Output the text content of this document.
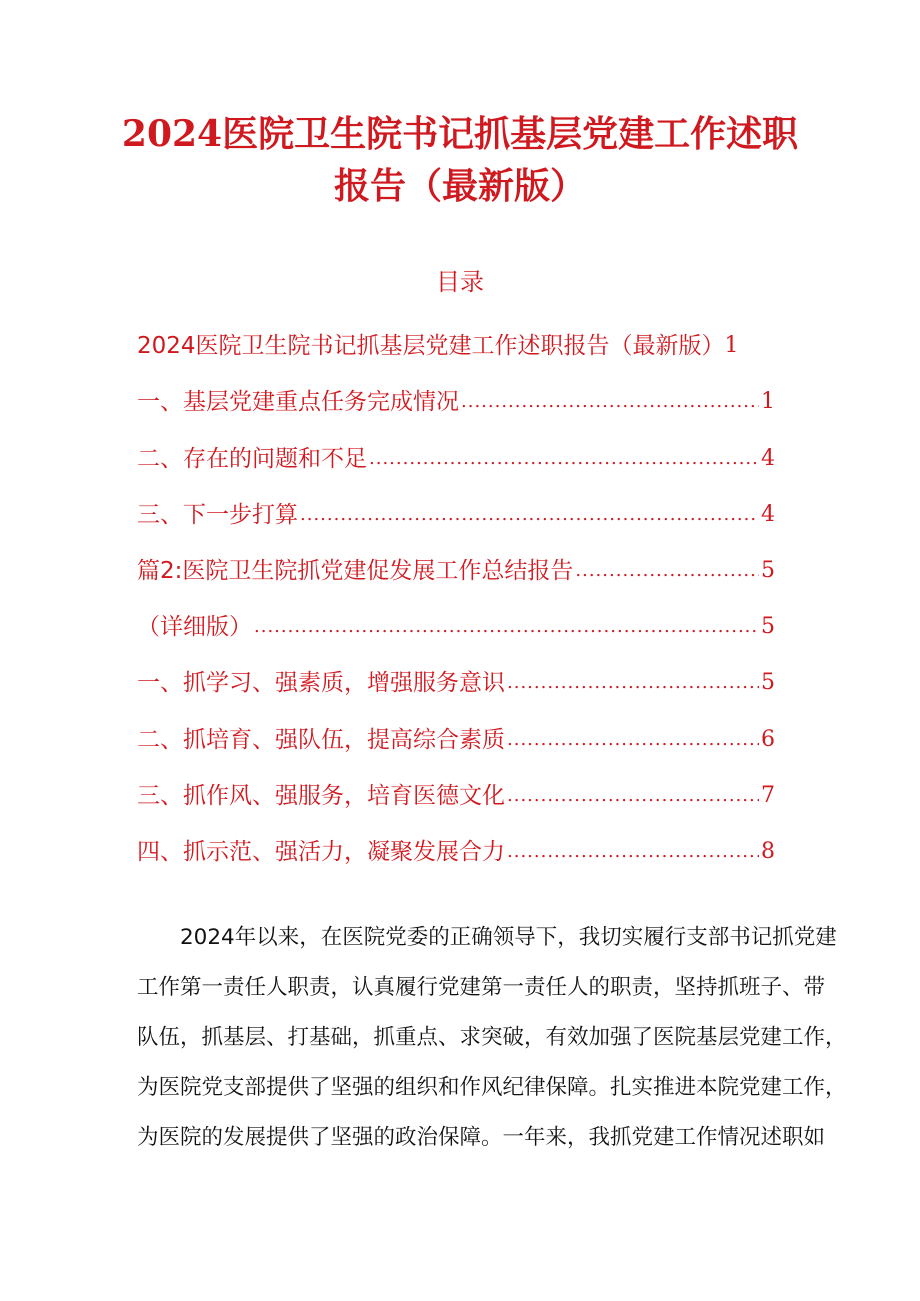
2024医院卫生院书记抓基层党建工作述职
报告（最新版）
目录
2024医院卫生院书记抓基层党建工作述职报告（最新版） 1
一、基层党建重点任务完成情况 .....	1
二、存在的问题和不足 .....	4
三、下一步打算 .....	4
篇2:医院卫生院抓党建促发展工作总结报告 .....	5
（详细版） .....	5
一、抓学习、强素质，增强服务意识 .....	5
二、抓培育、强队伍，提高综合素质 .....	6
三、抓作风、强服务，培育医德文化 .....	7
四、抓示范、强活力，凝聚发展合力 .....	8
2024年以来，在医院党委的正确领导下，我切实履行支部书记抓党建
工作第一责任人职责，认真履行党建第一责任人的职责，坚持抓班子、带
队伍，抓基层、打基础，抓重点、求突破，有效加强了医院基层党建工作，
为医院党支部提供了坚强的组织和作风纪律保障。扎实推进本院党建工作，
为医院的发展提供了坚强的政治保障。一年来，我抓党建工作情况述职如
